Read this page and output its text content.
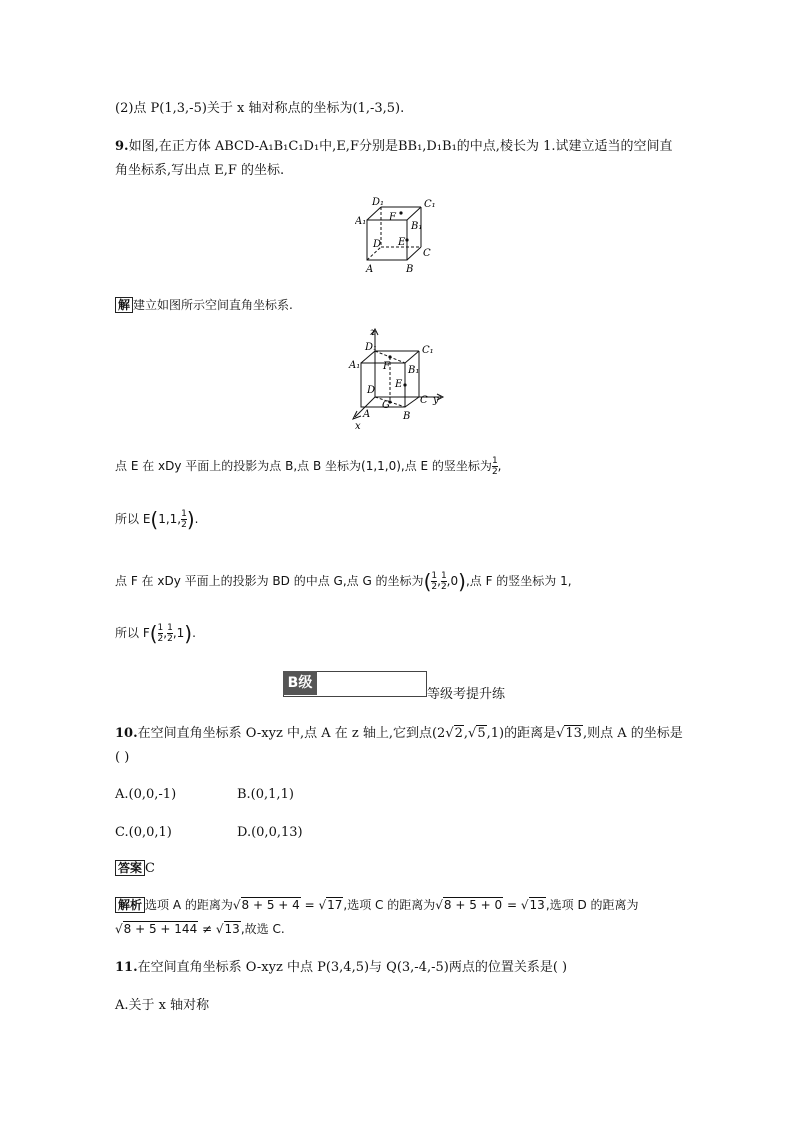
(2)点 P(1,3,-5)关于 x 轴对称点的坐标为(1,-3,5).
9.如图,在正方体 ABCD-A₁B₁C₁D₁中,E,F分别是BB₁,D₁B₁的中点,棱长为 1.试建立适当的空间直
角坐标系,写出点 E,F 的坐标.
D₁	C₁
A₁ F
B₁
D E
C
A	B
解 建立如图所示空间直角坐标系.
z
D₁	C₁
A₁ F B₁
D
E
C y
G
A	B
x
点 E 在 xDy 平面上的投影为点 B,点 B 坐标为(1,1,0),点 E 的竖坐标为 $\frac{1}{2}$ ,
所以 E(1,1, $\frac{1}{2}$ ).
点 F 在 xDy 平面上的投影为 BD 的中点 G,点 G 的坐标为( $\frac{1}{2}$ , $\frac{1}{2} ,0$),点 F 的竖坐标为 1,
所以 $F( \frac{1}{2}$ , $\frac{1}{2} ,1$).
B级
等级考提升练
10.在空间直角坐标系 O-xyz 中,点 A 在 z 轴上,它到点(2√2,√5,1)的距离是√13,则点 A 的坐标是
( )
A.(0,0,-1)	B.(0,1,1)
C.(0,0,1)	D.(0,0,13)
答案 C
解析 选项 A 的距离为√8 + 5 + 4 = √17,选项 C 的距离为√8 + 5 + 0 = √13,选项 D 的距离为
√8 + 5 + 144 ≠ √13,故选 C.
11.在空间直角坐标系 O-xyz 中点 P(3,4,5)与 Q(3,-4,-5)两点的位置关系是( )
A.关于 x 轴对称
